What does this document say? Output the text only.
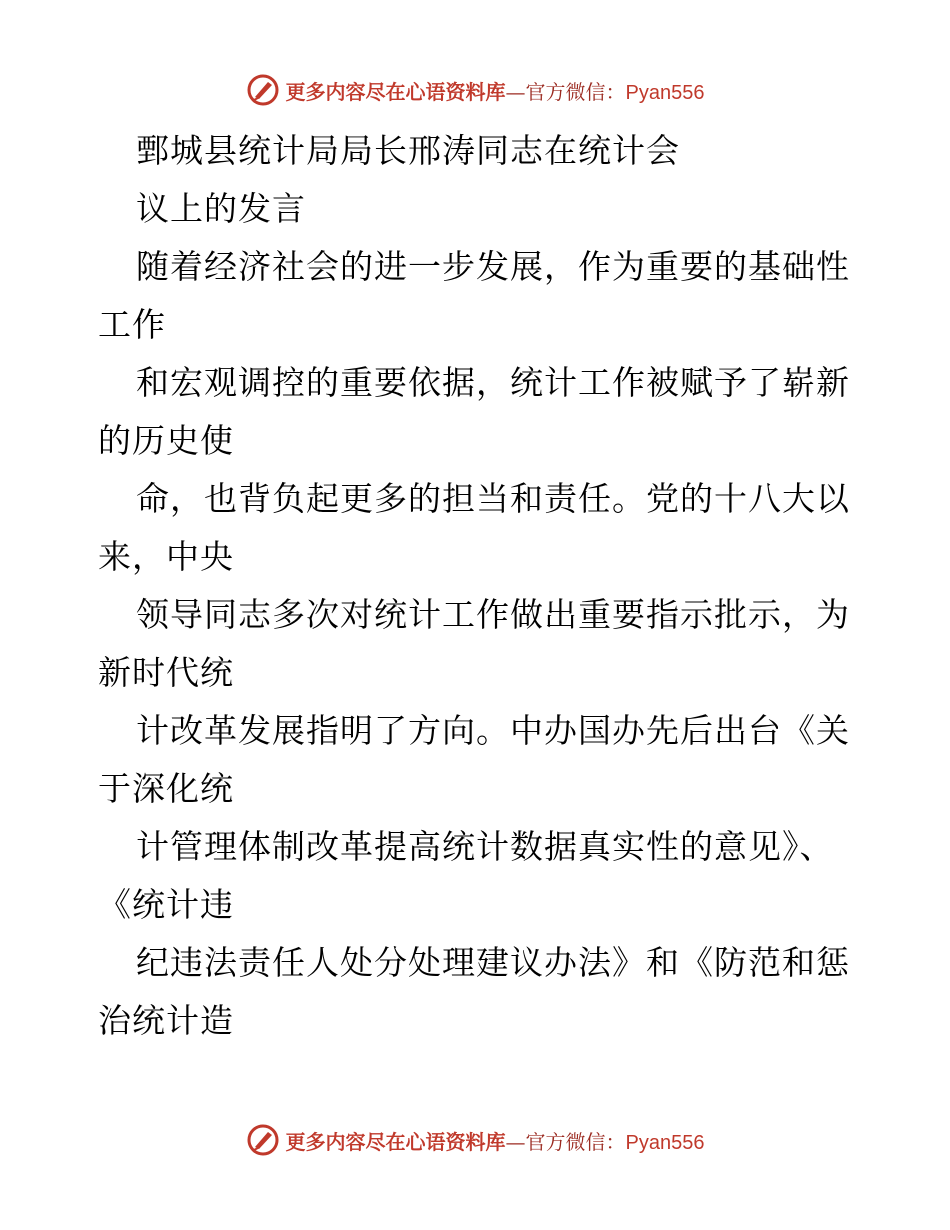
更多内容尽在心语资料库—官方微信：Pyan556
鄄城县统计局局长邢涛同志在统计会
议上的发言
随着经济社会的进一步发展，作为重要的基础性
工作
和宏观调控的重要依据，统计工作被赋予了崭新
的历史使
命，也背负起更多的担当和责任。党的十八大以
来，中央
领导同志多次对统计工作做出重要指示批示，为
新时代统
计改革发展指明了方向。中办国办先后出台《关
于深化统
计管理体制改革提高统计数据真实性的意见》、
《统计违
纪违法责任人处分处理建议办法》和《防范和惩
治统计造
更多内容尽在心语资料库—官方微信：Pyan556
